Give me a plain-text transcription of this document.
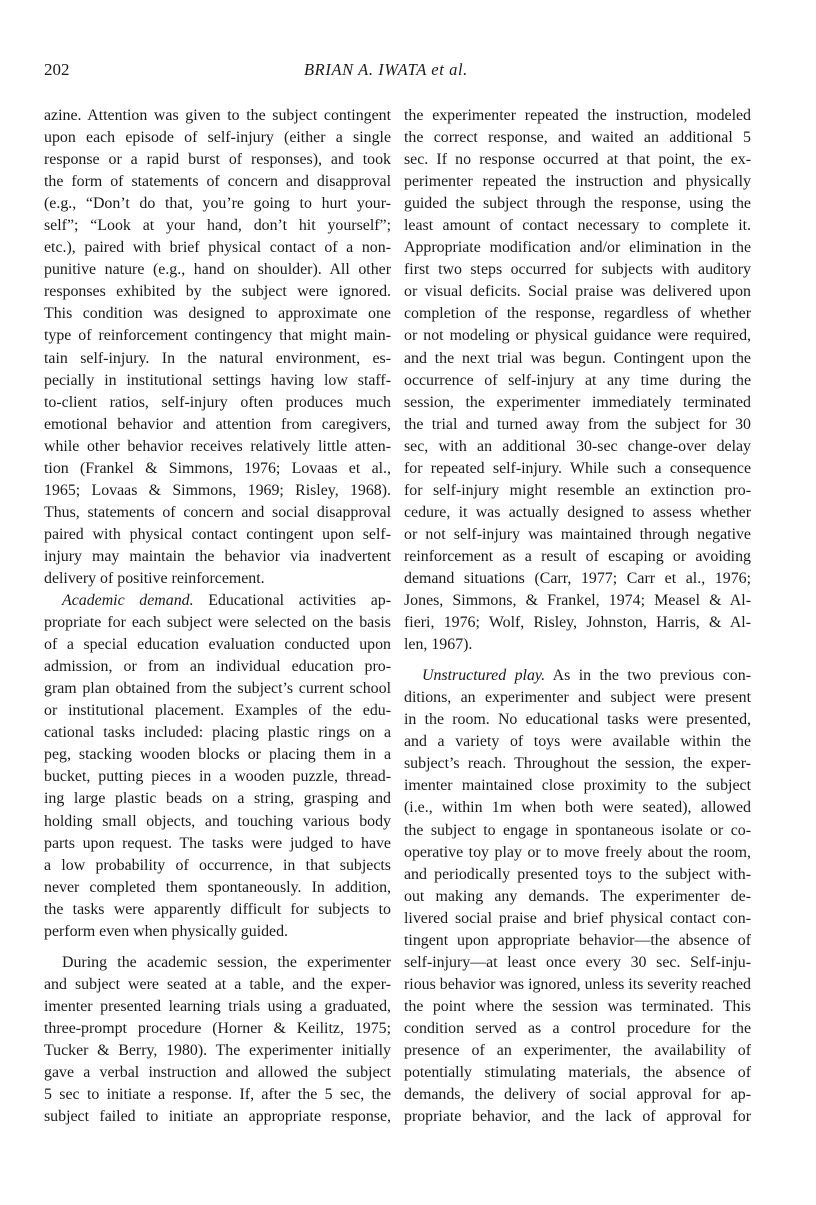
202	BRIAN A. IWATA et al.
azine. Attention was given to the subject contingent
upon each episode of self-injury (either a single
response or a rapid burst of responses), and took
the form of statements of concern and disapproval
(e.g., “Don’t do that, you’re going to hurt your-
self”; “Look at your hand, don’t hit yourself”;
etc.), paired with brief physical contact of a non-
punitive nature (e.g., hand on shoulder). All other
responses exhibited by the subject were ignored.
This condition was designed to approximate one
type of reinforcement contingency that might main-
tain self-injury. In the natural environment, es-
pecially in institutional settings having low staff-
to-client ratios, self-injury often produces much
emotional behavior and attention from caregivers,
while other behavior receives relatively little atten-
tion (Frankel & Simmons, 1976; Lovaas et al.,
1965; Lovaas & Simmons, 1969; Risley, 1968).
Thus, statements of concern and social disapproval
paired with physical contact contingent upon self-
injury may maintain the behavior via inadvertent
delivery of positive reinforcement.
Academic demand. Educational activities ap-
propriate for each subject were selected on the basis
of a special education evaluation conducted upon
admission, or from an individual education pro-
gram plan obtained from the subject’s current school
or institutional placement. Examples of the edu-
cational tasks included: placing plastic rings on a
peg, stacking wooden blocks or placing them in a
bucket, putting pieces in a wooden puzzle, thread-
ing large plastic beads on a string, grasping and
holding small objects, and touching various body
parts upon request. The tasks were judged to have
a low probability of occurrence, in that subjects
never completed them spontaneously. In addition,
the tasks were apparently difficult for subjects to
perform even when physically guided.
During the academic session, the experimenter
and subject were seated at a table, and the exper-
imenter presented learning trials using a graduated,
three-prompt procedure (Horner & Keilitz, 1975;
Tucker & Berry, 1980). The experimenter initially
gave a verbal instruction and allowed the subject
5 sec to initiate a response. If, after the 5 sec, the
subject failed to initiate an appropriate response,
the experimenter repeated the instruction, modeled
the correct response, and waited an additional 5
sec. If no response occurred at that point, the ex-
perimenter repeated the instruction and physically
guided the subject through the response, using the
least amount of contact necessary to complete it.
Appropriate modification and/or elimination in the
first two steps occurred for subjects with auditory
or visual deficits. Social praise was delivered upon
completion of the response, regardless of whether
or not modeling or physical guidance were required,
and the next trial was begun. Contingent upon the
occurrence of self-injury at any time during the
session, the experimenter immediately terminated
the trial and turned away from the subject for 30
sec, with an additional 30-sec change-over delay
for repeated self-injury. While such a consequence
for self-injury might resemble an extinction pro-
cedure, it was actually designed to assess whether
or not self-injury was maintained through negative
reinforcement as a result of escaping or avoiding
demand situations (Carr, 1977; Carr et al., 1976;
Jones, Simmons, & Frankel, 1974; Measel & Al-
fieri, 1976; Wolf, Risley, Johnston, Harris, & Al-
len, 1967).
Unstructured play. As in the two previous con-
ditions, an experimenter and subject were present
in the room. No educational tasks were presented,
and a variety of toys were available within the
subject’s reach. Throughout the session, the exper-
imenter maintained close proximity to the subject
(i.e., within 1m when both were seated), allowed
the subject to engage in spontaneous isolate or co-
operative toy play or to move freely about the room,
and periodically presented toys to the subject with-
out making any demands. The experimenter de-
livered social praise and brief physical contact con-
tingent upon appropriate behavior—the absence of
self-injury—at least once every 30 sec. Self-inju-
rious behavior was ignored, unless its severity reached
the point where the session was terminated. This
condition served as a control procedure for the
presence of an experimenter, the availability of
potentially stimulating materials, the absence of
demands, the delivery of social approval for ap-
propriate behavior, and the lack of approval for
